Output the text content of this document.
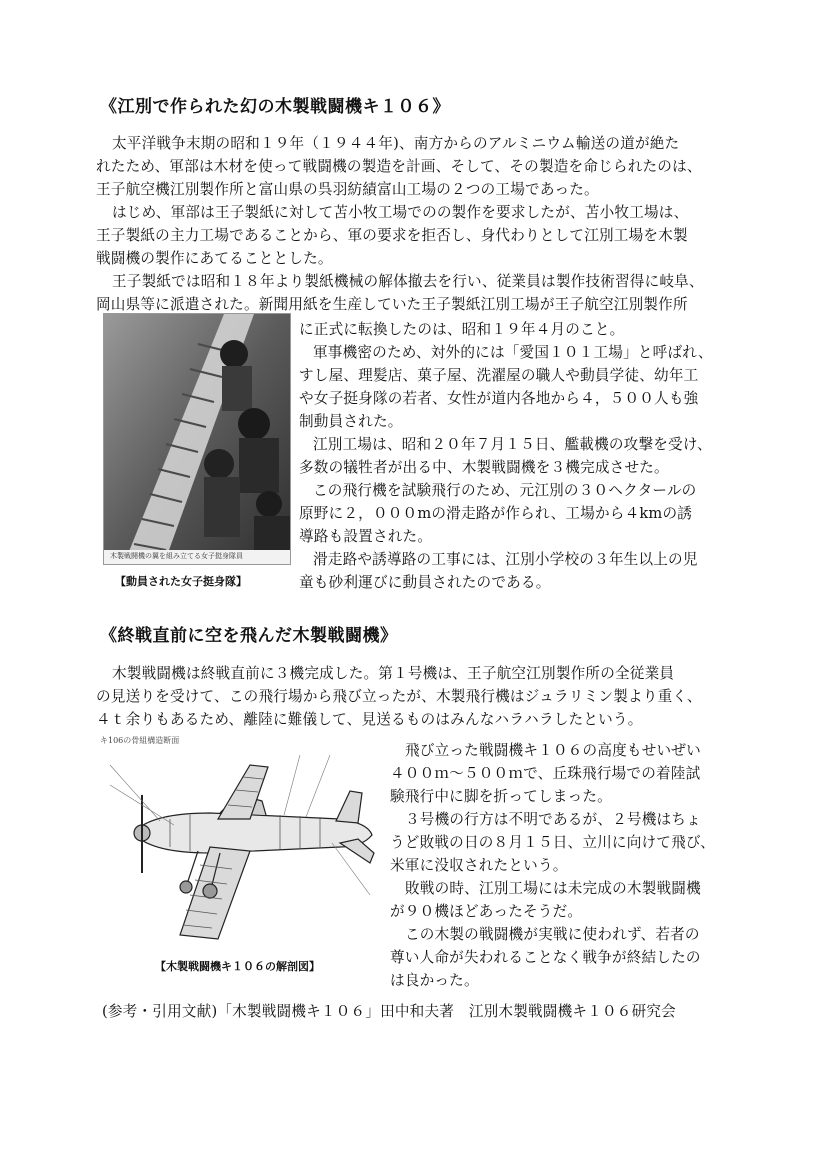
《江別で作られた幻の木製戦闘機キ１０６》
太平洋戦争末期の昭和１９年（１９４４年)、南方からのアルミニウム輸送の道が絶た
れたため、軍部は木材を使って戦闘機の製造を計画、そして、その製造を命じられたのは、
王子航空機江別製作所と富山県の呉羽紡績富山工場の２つの工場であった。
はじめ、軍部は王子製紙に対して苫小牧工場でのの製作を要求したが、苫小牧工場は、
王子製紙の主力工場であることから、軍の要求を拒否し、身代わりとして江別工場を木製
戦闘機の製作にあてることとした。
王子製紙では昭和１８年より製紙機械の解体撤去を行い、従業員は製作技術習得に岐阜、
岡山県等に派遣された。新聞用紙を生産していた王子製紙江別工場が王子航空江別製作所
木製戦闘機の翼を組み立てる女子挺身隊員
【動員された女子挺身隊】
に正式に転換したのは、昭和１９年４月のこと。
軍事機密のため、対外的には「愛国１０１工場」と呼ばれ、
すし屋、理髪店、菓子屋、洗濯屋の職人や動員学徒、幼年工
や女子挺身隊の若者、女性が道内各地から４，５００人も強
制動員された。
江別工場は、昭和２０年７月１５日、艦載機の攻撃を受け、
多数の犠牲者が出る中、木製戦闘機を３機完成させた。
この飛行機を試験飛行のため、元江別の３０ヘクタールの
原野に２，０００mの滑走路が作られ、工場から４kmの誘
導路も設置された。
滑走路や誘導路の工事には、江別小学校の３年生以上の児
童も砂利運びに動員されたのである。
《終戦直前に空を飛んだ木製戦闘機》
木製戦闘機は終戦直前に３機完成した。第１号機は、王子航空江別製作所の全従業員
の見送りを受けて、この飛行場から飛び立ったが、木製飛行機はジュラリミン製より重く、
４ｔ余りもあるため、離陸に難儀して、見送るものはみんなハラハラしたという。
キ106の骨組構造断面
【木製戦闘機キ１０６の解剖図】
飛び立った戦闘機キ１０６の高度もせいぜい
４００ｍ～５００ｍで、丘珠飛行場での着陸試
験飛行中に脚を折ってしまった。
３号機の行方は不明であるが、２号機はちょ
うど敗戦の日の８月１５日、立川に向けて飛び、
米軍に没収されたという。
敗戦の時、江別工場には未完成の木製戦闘機
が９０機ほどあったそうだ。
この木製の戦闘機が実戦に使われず、若者の
尊い人命が失われることなく戦争が終結したの
は良かった。
(参考・引用文献)「木製戦闘機キ１０６」田中和夫著　江別木製戦闘機キ１０６研究会
